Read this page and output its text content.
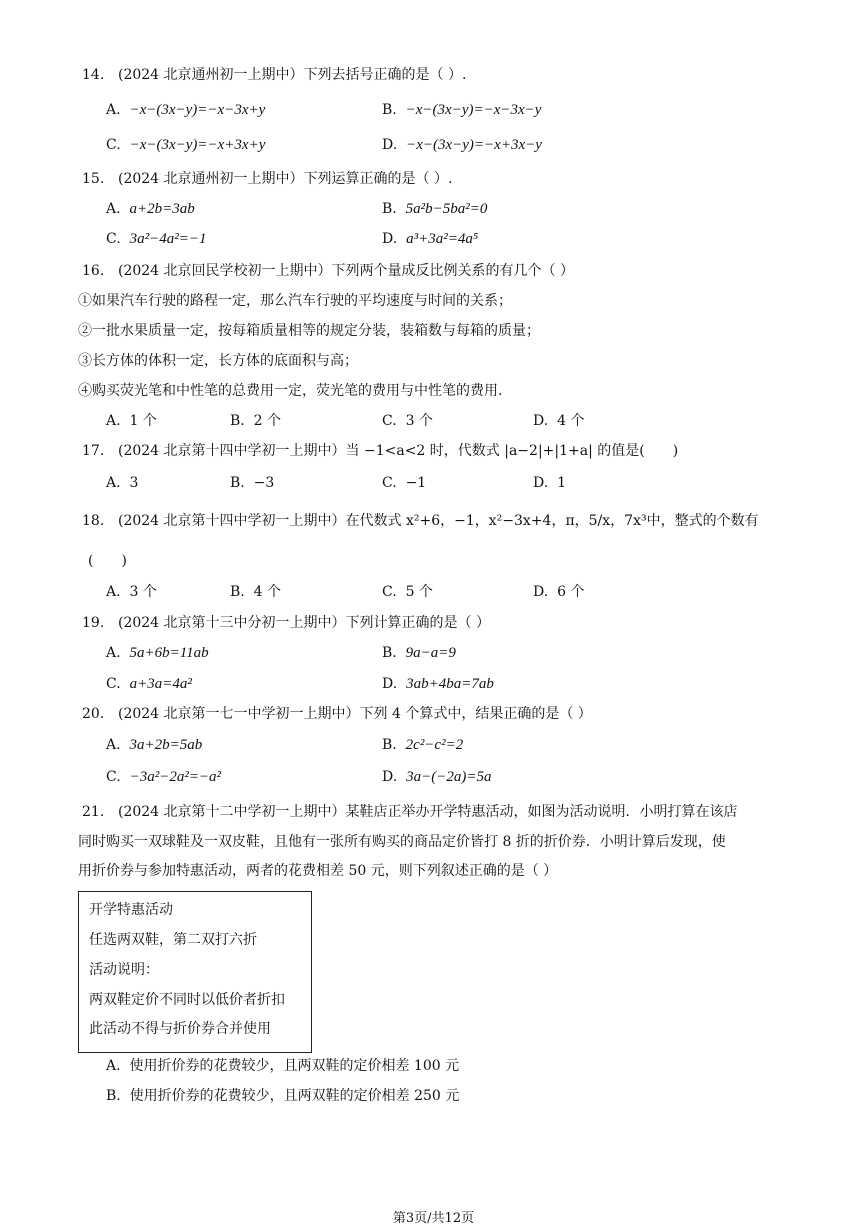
14. (2024 北京通州初一上期中）下列去括号正确的是（ ）.
A. −x−(3x−y)=−x−3x+y	B. −x−(3x−y)=−x−3x−y
C. −x−(3x−y)=−x+3x+y	D. −x−(3x−y)=−x+3x−y
15. (2024 北京通州初一上期中）下列运算正确的是（ ）.
A. a+2b=3ab	B. 5a²b−5ba²=0
C. 3a²−4a²=−1	D. a³+3a²=4a⁵
16. (2024 北京回民学校初一上期中）下列两个量成反比例关系的有几个（ ）
①如果汽车行驶的路程一定，那么汽车行驶的平均速度与时间的关系；
②一批水果质量一定，按每箱质量相等的规定分装，装箱数与每箱的质量；
③长方体的体积一定，长方体的底面积与高；
④购买荧光笔和中性笔的总费用一定，荧光笔的费用与中性笔的费用.
A. 1 个	B. 2 个	C. 3 个	D. 4 个
17. (2024 北京第十四中学初一上期中）当 −1<a<2 时，代数式 |a−2|+|1+a| 的值是(　　)
A. 3	B. −3	C. −1	D. 1
18. (2024 北京第十四中学初一上期中）在代数式 x²+6，−1，x²−3x+4，π，5/x，7x³中，整式的个数有
(　　)
A. 3 个	B. 4 个	C. 5 个	D. 6 个
19. (2024 北京第十三中分初一上期中）下列计算正确的是（ ）
A. 5a+6b=11ab	B. 9a−a=9
C. a+3a=4a²	D. 3ab+4ba=7ab
20. (2024 北京第一七一中学初一上期中）下列 4 个算式中，结果正确的是（ ）
A. 3a+2b=5ab	B. 2c²−c²=2
C. −3a²−2a²=−a²	D. 3a−(−2a)=5a
21. (2024 北京第十二中学初一上期中）某鞋店正举办开学特惠活动，如图为活动说明．小明打算在该店
同时购买一双球鞋及一双皮鞋，且他有一张所有购买的商品定价皆打 8 折的折价券．小明计算后发现，使
用折价券与参加特惠活动，两者的花费相差 50 元，则下列叙述正确的是（ ）
开学特惠活动
任选两双鞋，第二双打六折
活动说明：
两双鞋定价不同时以低价者折扣
此活动不得与折价券合并使用
A. 使用折价券的花费较少，且两双鞋的定价相差 100 元
B. 使用折价券的花费较少，且两双鞋的定价相差 250 元
第3页/共12页
